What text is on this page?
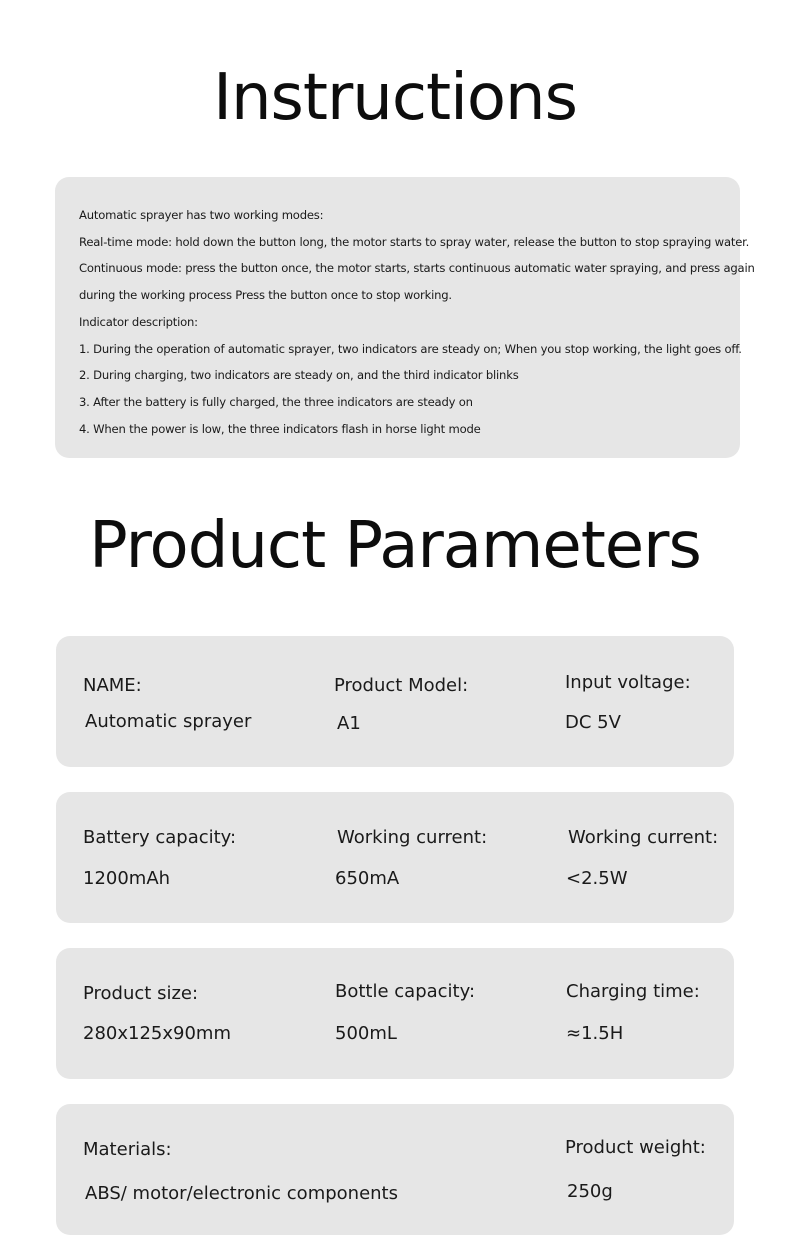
Instructions
Automatic sprayer has two working modes:
Real-time mode: hold down the button long, the motor starts to spray water, release the button to stop spraying water.
Continuous mode: press the button once, the motor starts, starts continuous automatic water spraying, and press again
during the working process Press the button once to stop working.
Indicator description:
1. During the operation of automatic sprayer, two indicators are steady on; When you stop working, the light goes off.
2. During charging, two indicators are steady on, and the third indicator blinks
3. After the battery is fully charged, the three indicators are steady on
4. When the power is low, the three indicators flash in horse light mode
Product Parameters
NAME:
Automatic sprayer
Product Model:
A1
Input voltage:
DC 5V
Battery capacity:
1200mAh
Working current:
650mA
Working current:
<2.5W
Product size:
280x125x90mm
Bottle capacity:
500mL
Charging time:
≈1.5H
Materials:
ABS/ motor/electronic components
Product weight:
250g
